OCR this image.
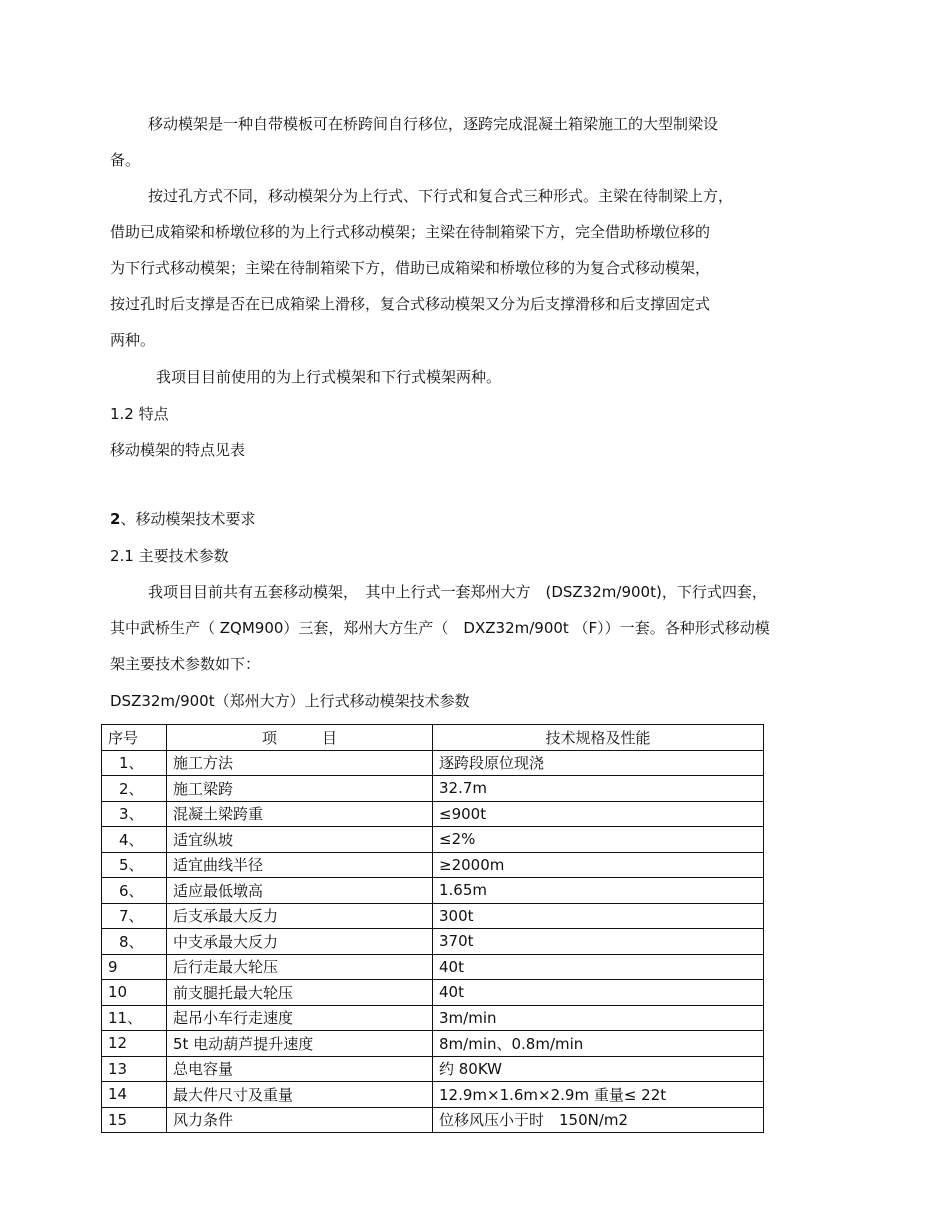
移动模架是一种自带模板可在桥跨间自行移位，逐跨完成混凝土箱梁施工的大型制梁设
备。
按过孔方式不同，移动模架分为上行式、下行式和复合式三种形式。主梁在待制梁上方，
借助已成箱梁和桥墩位移的为上行式移动模架；主梁在待制箱梁下方，完全借助桥墩位移的
为下行式移动模架；主梁在待制箱梁下方，借助已成箱梁和桥墩位移的为复合式移动模架，
按过孔时后支撑是否在已成箱梁上滑移，复合式移动模架又分为后支撑滑移和后支撑固定式
两种。
我项目目前使用的为上行式模架和下行式模架两种。
1.2 特点
移动模架的特点见表
2、移动模架技术要求
2.1 主要技术参数
我项目目前共有五套移动模架，　其中上行式一套郑州大方　(DSZ32m/900t)，下行式四套，
其中武桥生产（ ZQM900）三套，郑州大方生产（　DXZ32m/900t （F））一套。各种形式移动模
架主要技术参数如下：
DSZ32m/900t（郑州大方）上行式移动模架技术参数
序号	项　　　目	技术规格及性能
1、	施工方法	逐跨段原位现浇
2、	施工梁跨	32.7m
3、	混凝土梁跨重	≤900t
4、	适宜纵坡	≤2%
5、	适宜曲线半径	≥2000m
6、	适应最低墩高	1.65m
7、	后支承最大反力	300t
8、	中支承最大反力	370t
9	后行走最大轮压	40t
10	前支腿托最大轮压	40t
11、	起吊小车行走速度	3m/min
12	5t 电动葫芦提升速度	8m/min、0.8m/min
13	总电容量	约 80KW
14	最大件尺寸及重量	12.9m×1.6m×2.9m 重量≤ 22t
15	风力条件	位移风压小于时　150N/m2
